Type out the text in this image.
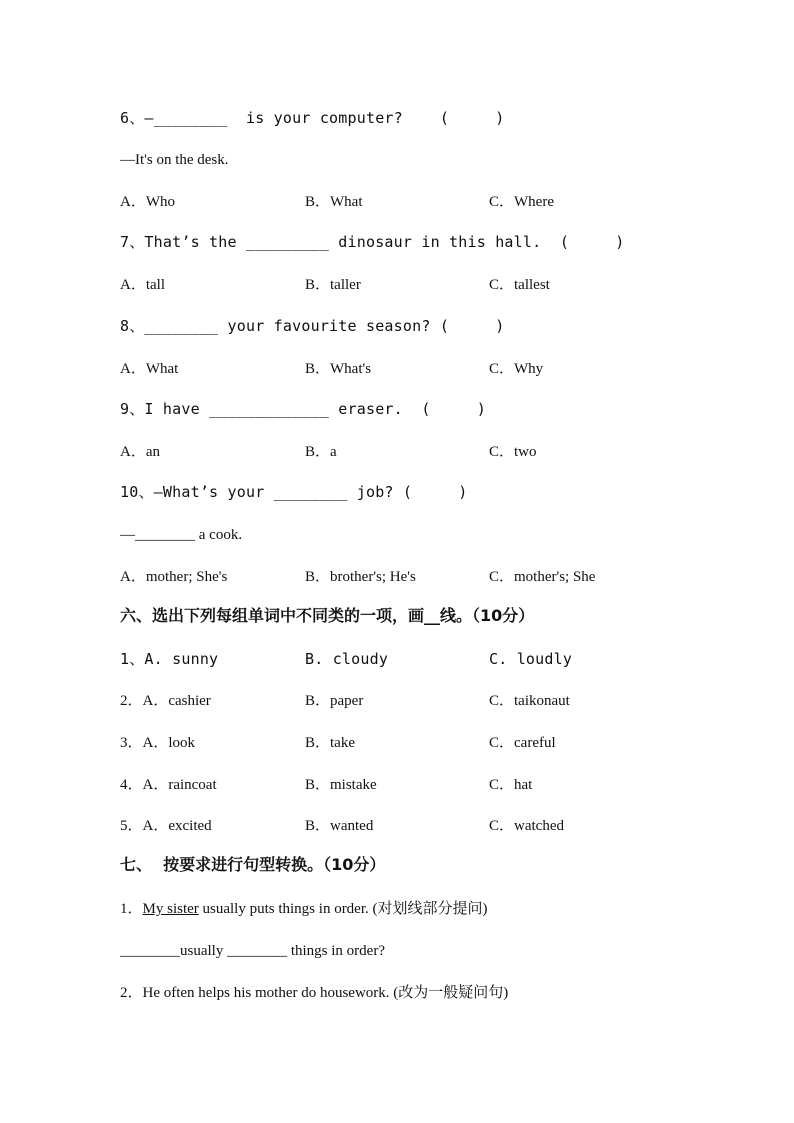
6、—________  is your computer?    (     )
—It's on the desk.
A．Who	B．What	C．Where
7、That’s the _________ dinosaur in this hall.  (     )
A．tall	B．taller	C．tallest
8、________ your favourite season? (     )
A．What	B．What's	C．Why
9、I have _____________ eraser.  (     )
A．an	B．a	C．two
10、—What’s your ________ job? (     )
—________ a cook.
A．mother; She's	B．brother's; He's	C．mother's; She
六、选出下列每组单词中不同类的一项，画__线。（10分）
1、A. sunny	B. cloudy	C. loudly
2．A．cashier	B．paper	C．taikonaut
3．A．look	B．take	C．careful
4．A．raincoat	B．mistake	C．hat
5．A．excited	B．wanted	C．watched
七、  按要求进行句型转换。（10分）
1．My sister usually puts things in order. (对划线部分提问)
________usually ________ things in order?
2．He often helps his mother do housework. (改为一般疑问句)
